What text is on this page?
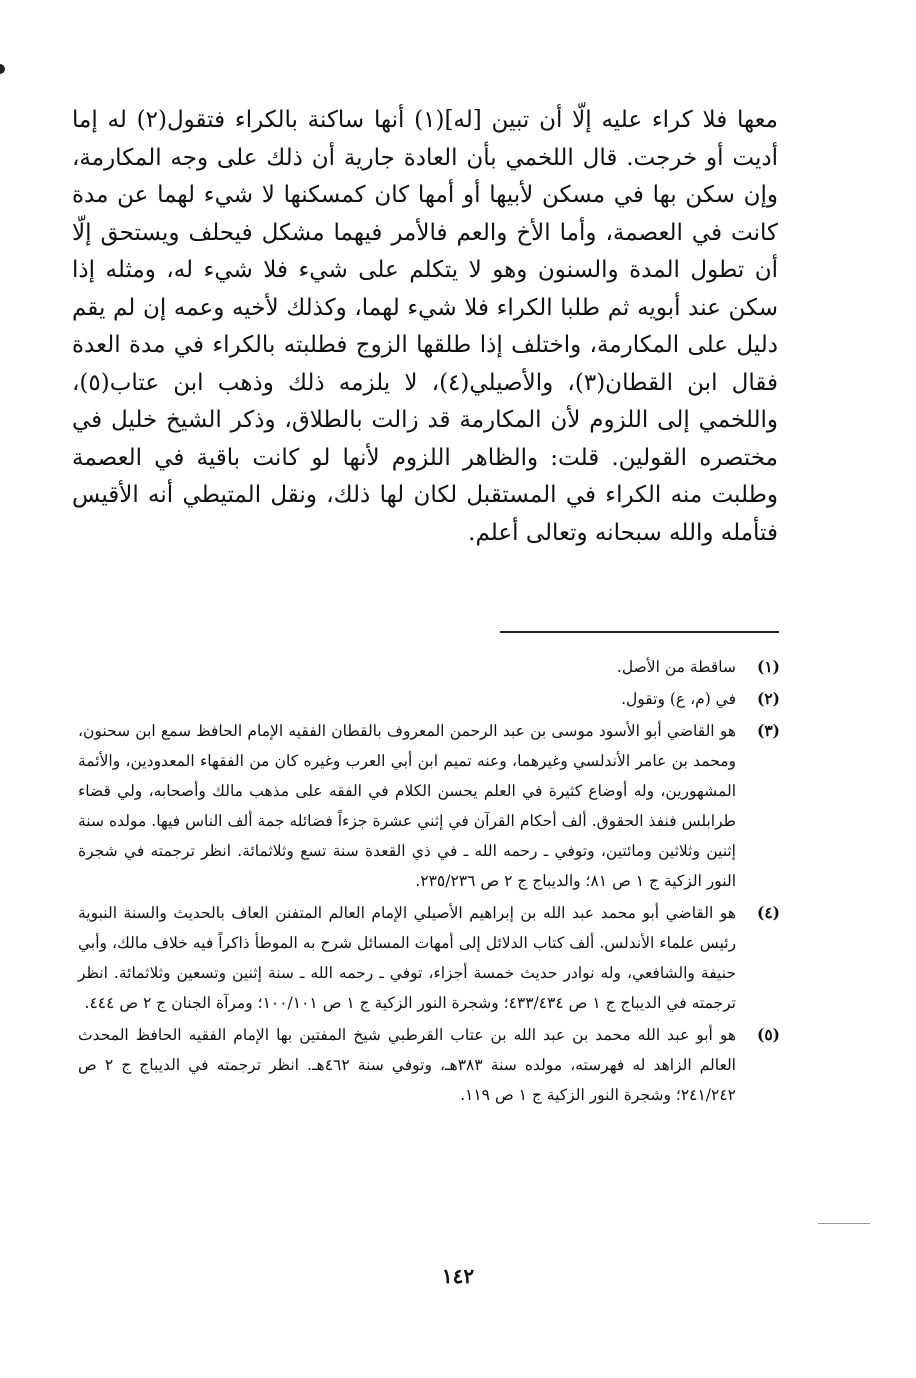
معها فلا كراء عليه إلّا أن تبين [له](١) أنها ساكنة بالكراء فتقول(٢) له إما أديت أو خرجت. قال اللخمي بأن العادة جارية أن ذلك على وجه المكارمة، وإن سكن بها في مسكن لأبيها أو أمها كان كمسكنها لا شيء لهما عن مدة كانت في العصمة، وأما الأخ والعم فالأمر فيهما مشكل فيحلف ويستحق إلّا أن تطول المدة والسنون وهو لا يتكلم على شيء فلا شيء له، ومثله إذا سكن عند أبويه ثم طلبا الكراء فلا شيء لهما، وكذلك لأخيه وعمه إن لم يقم دليل على المكارمة، واختلف إذا طلقها الزوج فطلبته بالكراء في مدة العدة فقال ابن القطان(٣)، والأصيلي(٤)، لا يلزمه ذلك وذهب ابن عتاب(٥)، واللخمي إلى اللزوم لأن المكارمة قد زالت بالطلاق، وذكر الشيخ خليل في مختصره القولين. قلت: والظاهر اللزوم لأنها لو كانت باقية في العصمة وطلبت منه الكراء في المستقبل لكان لها ذلك، ونقل المتيطي أنه الأقيس فتأمله والله سبحانه وتعالى أعلم.

(١)
ساقطة من الأصل.
(٢)
في (م، ع) وتقول.
(٣)
هو القاضي أبو الأسود موسى بن عبد الرحمن المعروف بالقطان الفقيه الإمام الحافظ سمع ابن سحنون، ومحمد بن عامر الأندلسي وغيرهما، وعنه تميم ابن أبي العرب وغيره كان من الفقهاء المعدودين، والأئمة المشهورين، وله أوضاع كثيرة في العلم يحسن الكلام في الفقه على مذهب مالك وأصحابه، ولي قضاء طرابلس فنفذ الحقوق. ألف أحكام القرآن في إثني عشرة جزءاً فضائله جمة ألف الناس فيها. مولده سنة إثنين وثلاثين ومائتين، وتوفي ـ رحمه الله ـ في ذي القعدة سنة تسع وثلاثمائة. انظر ترجمته في شجرة النور الزكية ج ١ ص ٨١؛ والديباج ج ٢ ص ٢٣٥/٢٣٦.
(٤)
هو القاضي أبو محمد عبد الله بن إبراهيم الأصيلي الإمام العالم المتفنن العاف بالحديث والسنة النبوية رئيس علماء الأندلس. ألف كتاب الدلائل إلى أمهات المسائل شرح به الموطأ ذاكراً فيه خلاف مالك، وأبي حنيفة والشافعي، وله نوادر حديث خمسة أجزاء، توفي ـ رحمه الله ـ سنة إثنين وتسعين وثلاثمائة. انظر ترجمته في الديباج ج ١ ص ٤٣٣/٤٣٤؛ وشجرة النور الزكية ج ١ ص ١٠٠/١٠١؛ ومرآة الجنان ج ٢ ص ٤٤٤.
(٥)
هو أبو عبد الله محمد بن عبد الله بن عتاب القرطبي شيخ المفتين بها الإمام الفقيه الحافظ المحدث العالم الزاهد له فهرسته، مولده سنة ٣٨٣هـ، وتوفي سنة ٤٦٢هـ. انظر ترجمته في الديباج ج ٢ ص ٢٤١/٢٤٢؛ وشجرة النور الزكية ج ١ ص ١١٩.
١٤٢
